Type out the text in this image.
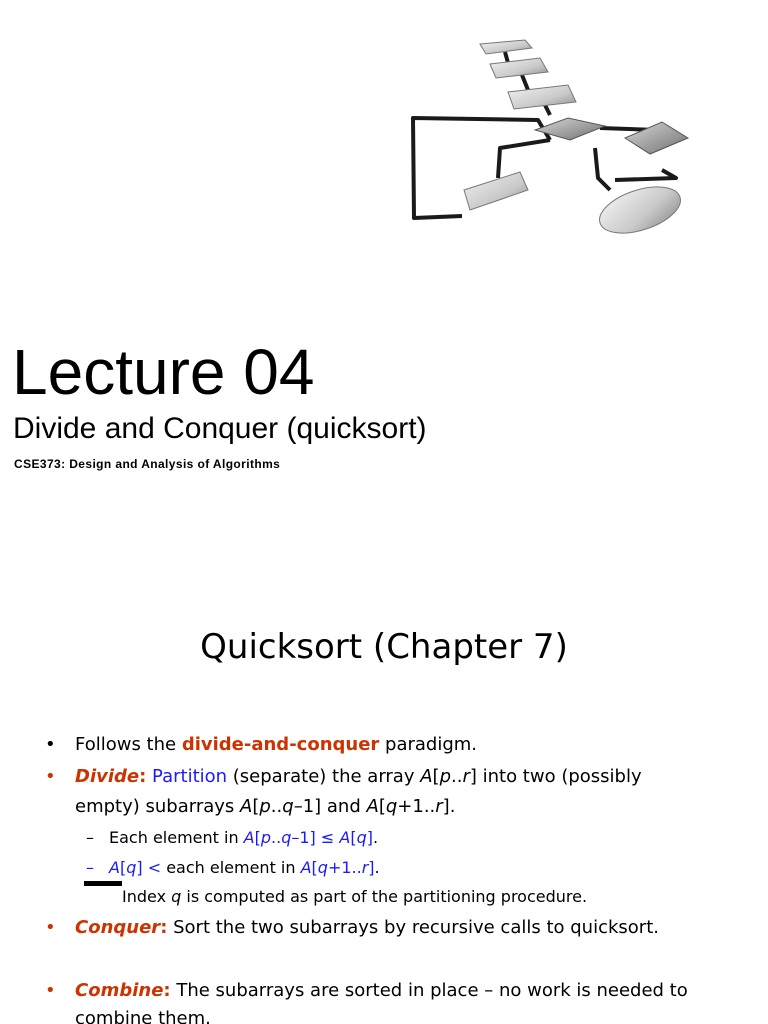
Lecture 04
Divide and Conquer (quicksort)
CSE373: Design and Analysis of Algorithms
Quicksort (Chapter 7)
• Follows the divide-and-conquer paradigm.
• Divide: Partition (separate) the array A[p..r] into two (possibly
empty) subarrays A[p..q–1] and A[q+1..r].
– Each element in A[p..q–1] ≤ A[q].
– A[q] < each element in A[q+1..r].
Index q is computed as part of the partitioning procedure.
• Conquer: Sort the two subarrays by recursive calls to quicksort.
• Combine: The subarrays are sorted in place – no work is needed to
combine them.
